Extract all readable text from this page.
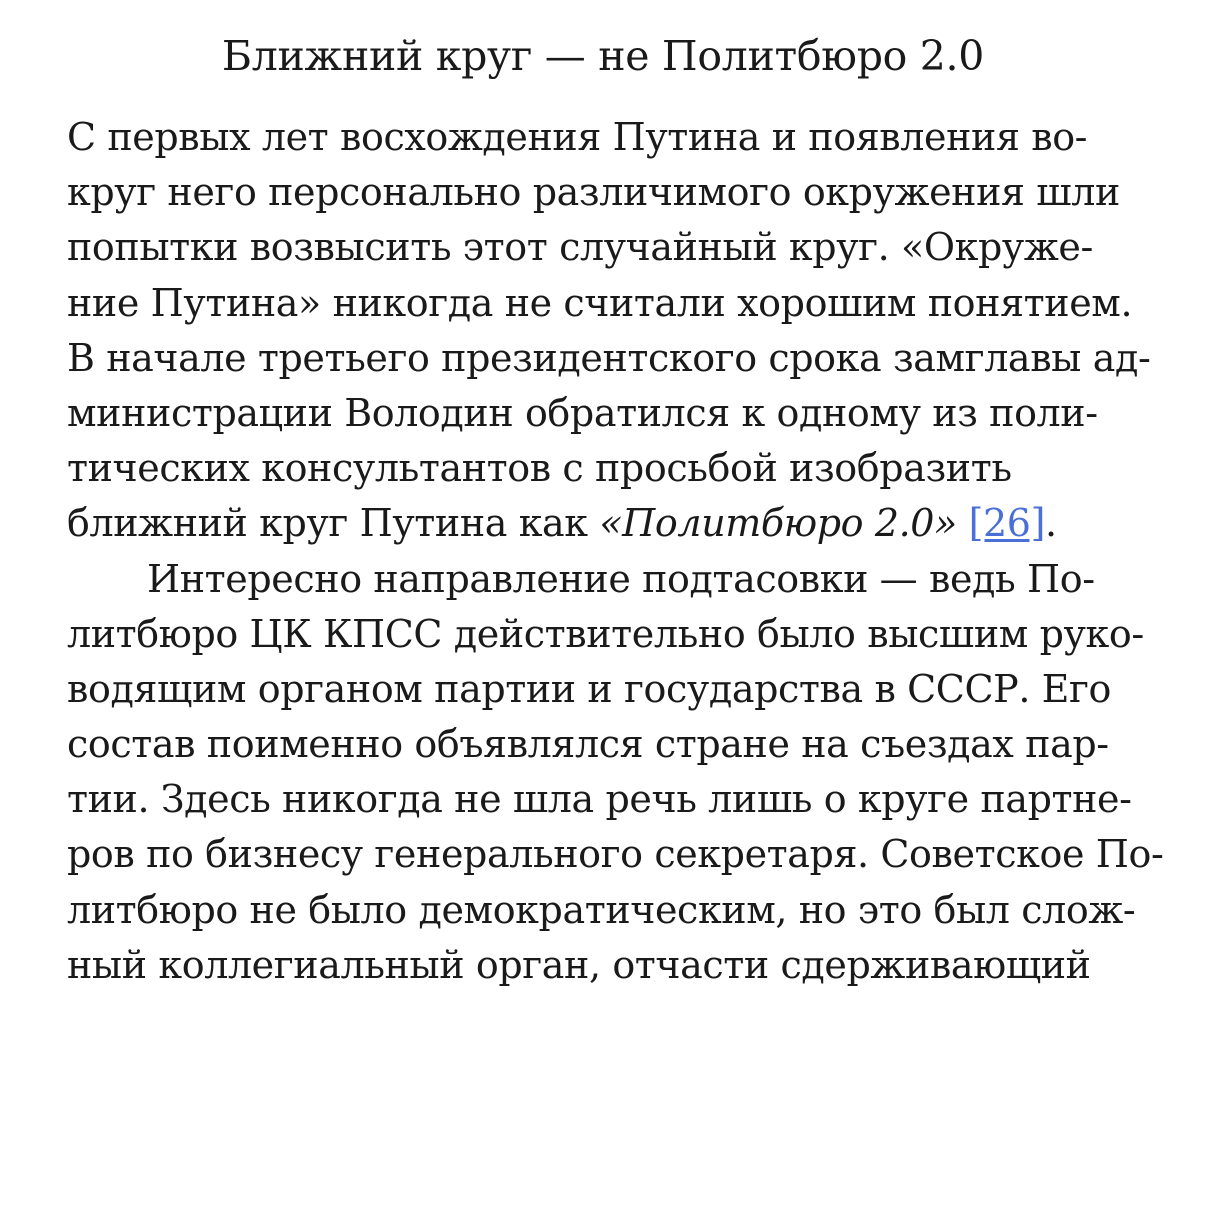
Ближний круг — не Политбюро 2.0
С первых лет восхождения Путина и появления во-
круг него персонально различимого окружения шли
попытки возвысить этот случайный круг. «Окруже-
ние Путина» никогда не считали хорошим понятием.
В начале третьего президентского срока замглавы ад-
министрации Володин обратился к одному из поли-
тических консультантов с просьбой изобразить
ближний круг Путина как «Политбюро 2.0» [26].
Интересно направление подтасовки — ведь По-
литбюро ЦК КПСС действительно было высшим руко-
водящим органом партии и государства в СССР. Его
состав поименно объявлялся стране на съездах пар-
тии. Здесь никогда не шла речь лишь о круге партне-
ров по бизнесу генерального секретаря. Советское По-
литбюро не было демократическим, но это был слож-
ный коллегиальный орган, отчасти сдерживающий
